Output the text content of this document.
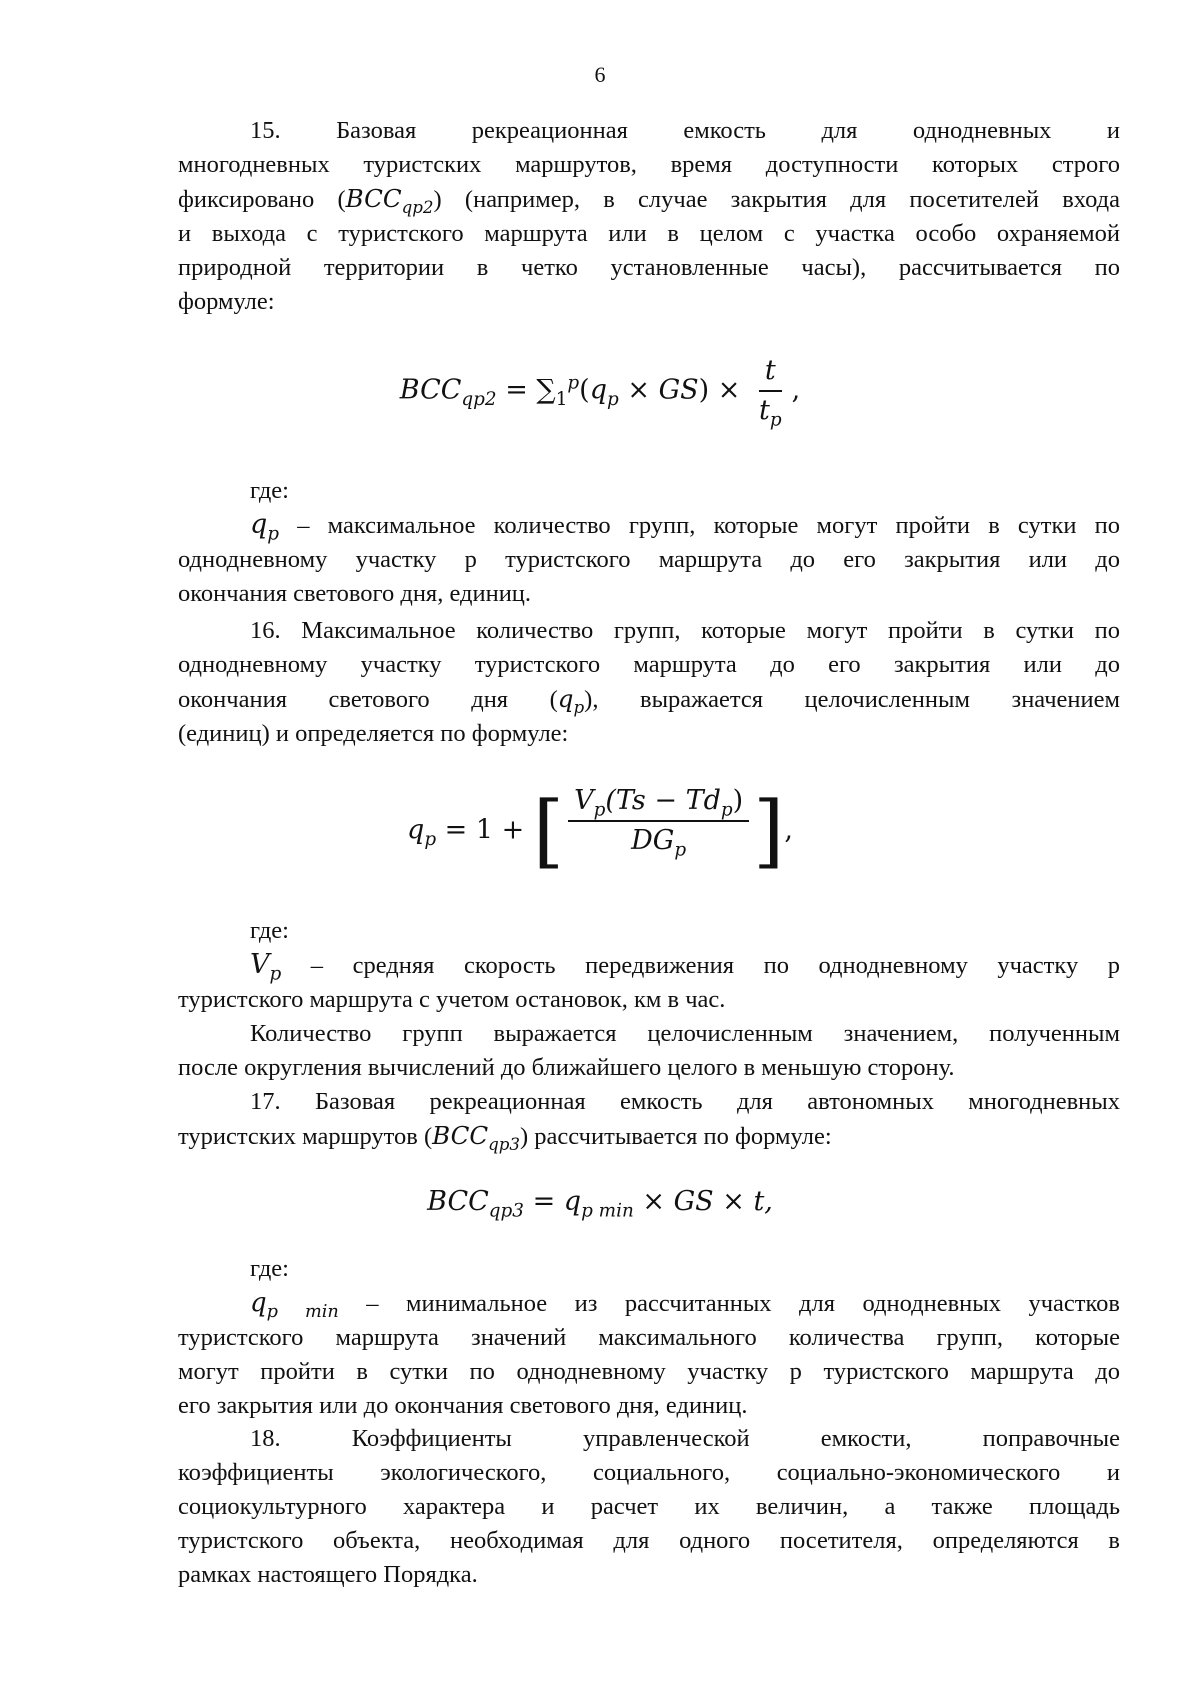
6

15. Базовая рекреационная емкость для однодневных и

многодневных туристских маршрутов, время доступности которых строго

фиксировано $(BCC_{qp2})$ (например, в случае закрытия для посетителей входа

и выхода с туристского маршрута или в целом с участка особо охраняемой

природной территории в четко установленные часы), рассчитывается по

формуле:

$BCC_{qp2} = \sum_1^p(q_p \times GS) \times \frac{t}{t_p}$ ,

где:

$q_p$ – максимальное количество групп, которые могут пройти в сутки по

однодневному участку p туристского маршрута до его закрытия или до

окончания светового дня, единиц.

16. Максимальное количество групп, которые могут пройти в сутки по

однодневному участку туристского маршрута до его закрытия или до

окончания светового дня $(q_p)$, выражается целочисленным значением

(единиц) и определяется по формуле:

$q_p = 1$ + [ $\frac{V_p(Ts - Td_p)}{DG_p}$ ] ,

где:

$V_p$ – средняя скорость передвижения по однодневному участку p

туристского маршрута с учетом остановок, км в час.

Количество групп выражается целочисленным значением, полученным

после округления вычислений до ближайшего целого в меньшую сторону.

17. Базовая рекреационная емкость для автономных многодневных

туристских маршрутов $(BCC_{qp3})$ рассчитывается по формуле:

$BCC_{qp3} = q_{p min}$ × GS × t,

где:

$q_{p min}$ – минимальное из рассчитанных для однодневных участков

туристского маршрута значений максимального количества групп, которые

могут пройти в сутки по однодневному участку p туристского маршрута до

его закрытия или до окончания светового дня, единиц.

18. Коэффициенты управленческой емкости, поправочные

коэффициенты экологического, социального, социально-экономического и

социокультурного характера и расчет их величин, а также площадь

туристского объекта, необходимая для одного посетителя, определяются в

рамках настоящего Порядка.
